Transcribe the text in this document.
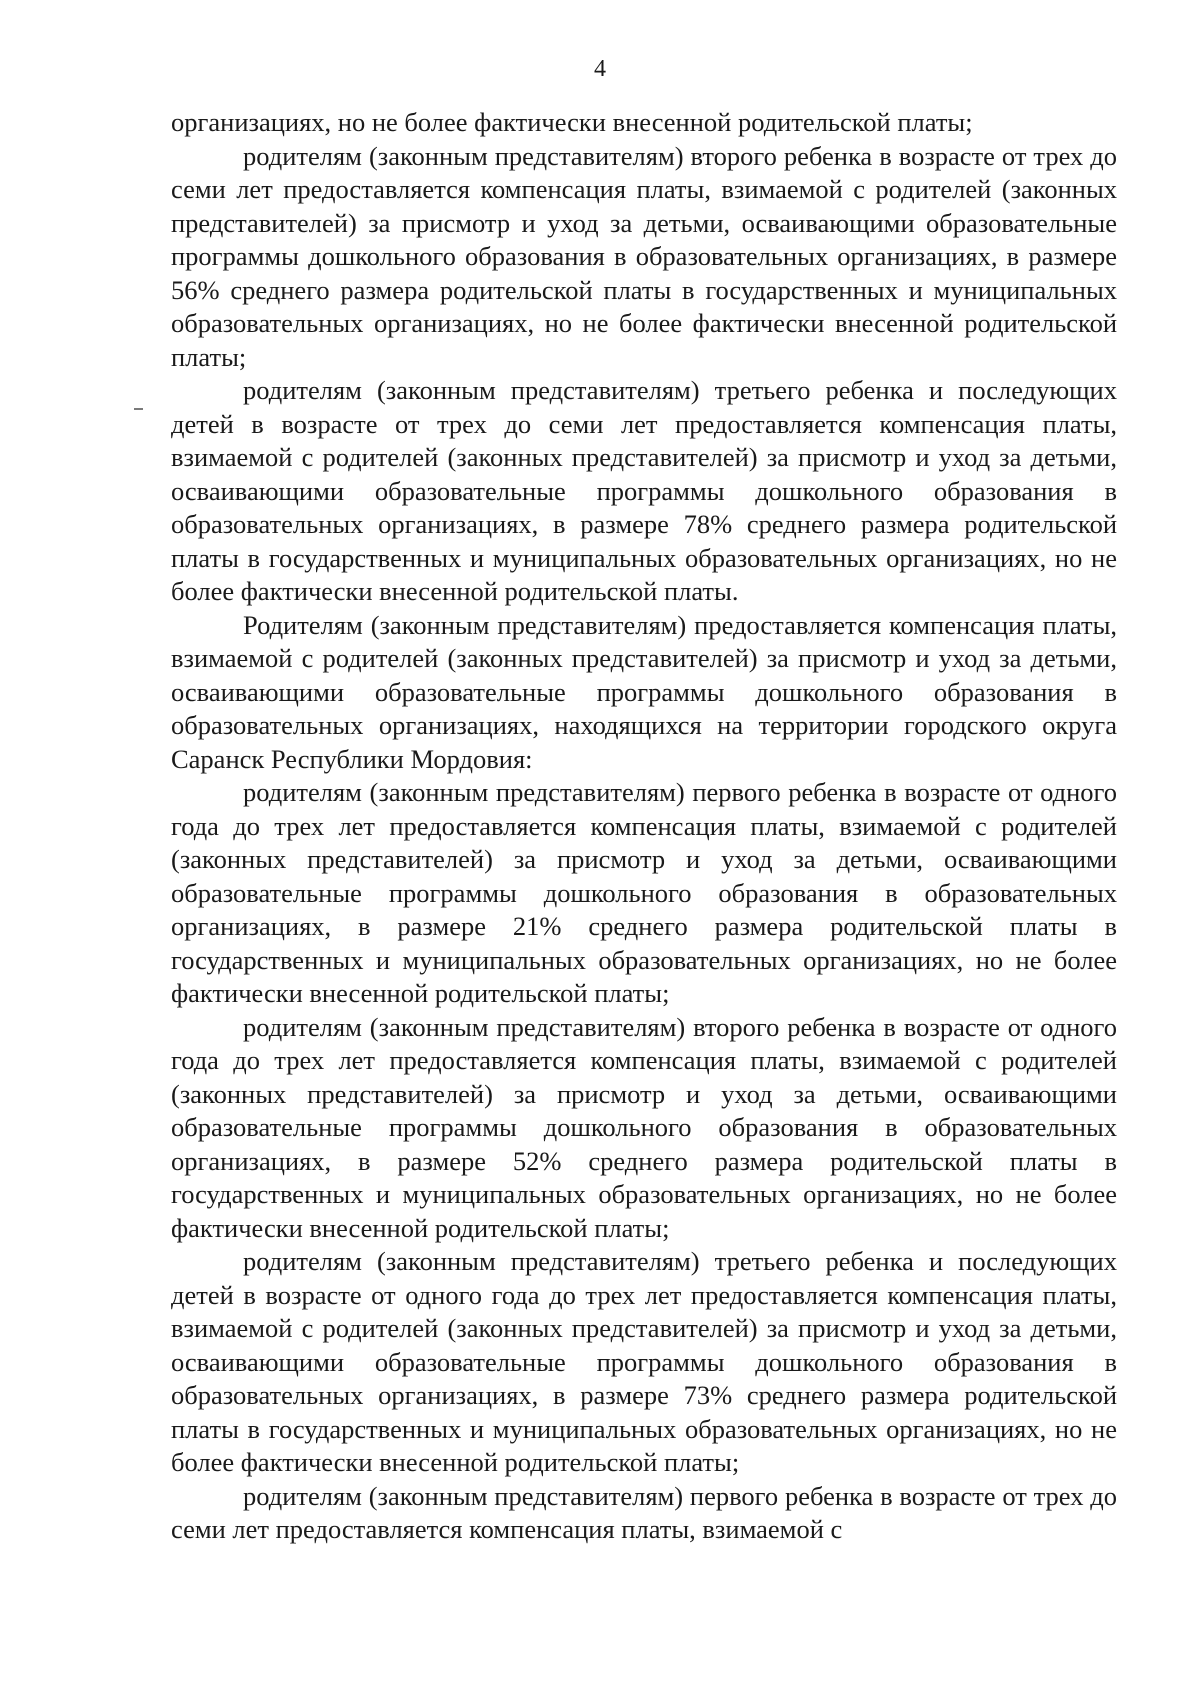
4

организациях, но не более фактически внесенной родительской платы;

родителям (законным представителям) второго ребенка в возрасте от трех до семи лет предоставляется компенсация платы, взимаемой с родителей (законных представителей) за присмотр и уход за детьми, осваивающими образовательные программы дошкольного образования в образовательных организациях, в размере 56% среднего размера родительской платы в государственных и муниципальных образовательных организациях, но не более фактически внесенной родительской платы;

родителям (законным представителям) третьего ребенка и последующих детей в возрасте от трех до семи лет предоставляется компенсация платы, взимаемой с родителей (законных представителей) за присмотр и уход за детьми, осваивающими образовательные программы дошкольного образования в образовательных организациях, в размере 78% среднего размера родительской платы в государственных и муниципальных образовательных организациях, но не более фактически внесенной родительской платы.

Родителям (законным представителям) предоставляется компенсация платы, взимаемой с родителей (законных представителей) за присмотр и уход за детьми, осваивающими образовательные программы дошкольного образования в образовательных организациях, находящихся на территории городского округа Саранск Республики Мордовия:

родителям (законным представителям) первого ребенка в возрасте от одного года до трех лет предоставляется компенсация платы, взимаемой с родителей (законных представителей) за присмотр и уход за детьми, осваивающими образовательные программы дошкольного образования в образовательных организациях, в размере 21% среднего размера родительской платы в государственных и муниципальных образовательных организациях, но не более фактически внесенной родительской платы;

родителям (законным представителям) второго ребенка в возрасте от одного года до трех лет предоставляется компенсация платы, взимаемой с родителей (законных представителей) за присмотр и уход за детьми, осваивающими образовательные программы дошкольного образования в образовательных организациях, в размере 52% среднего размера родительской платы в государственных и муниципальных образовательных организациях, но не более фактически внесенной родительской платы;

родителям (законным представителям) третьего ребенка и последующих детей в возрасте от одного года до трех лет предоставляется компенсация платы, взимаемой с родителей (законных представителей) за присмотр и уход за детьми, осваивающими образовательные программы дошкольного образования в образовательных организациях, в размере 73% среднего размера родительской платы в государственных и муниципальных образовательных организациях, но не более фактически внесенной родительской платы;

родителям (законным представителям) первого ребенка в возрасте от трех до семи лет предоставляется компенсация платы, взимаемой с
